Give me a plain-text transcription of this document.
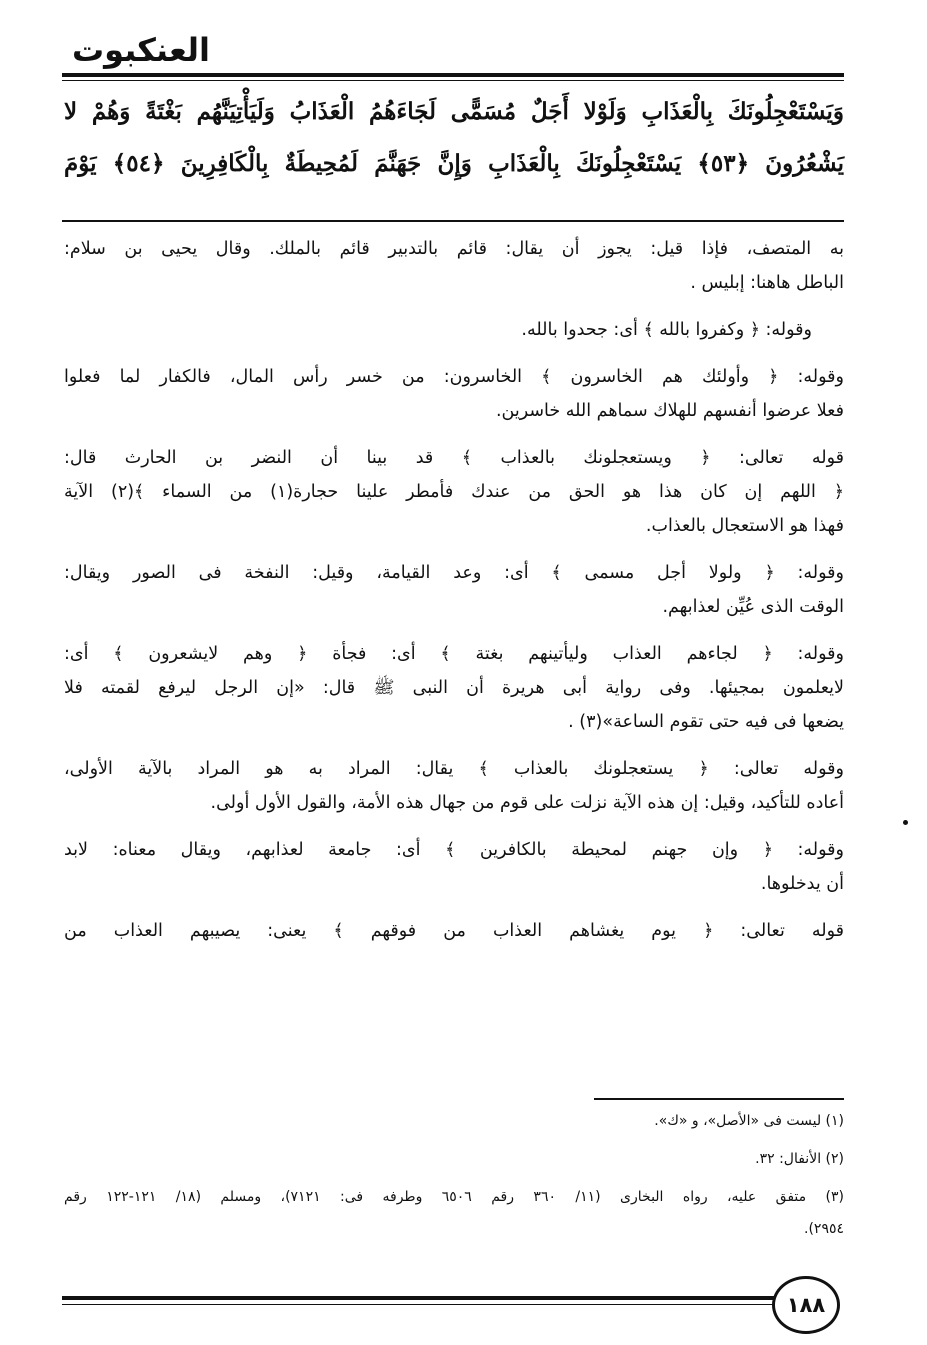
العنكبوت
وَيَسْتَعْجِلُونَكَ بِالْعَذَابِ وَلَوْلا أَجَلٌ مُسَمًّى لَجَاءَهُمُ الْعَذَابُ وَلَيَأْتِيَنَّهُم بَغْتَةً وَهُمْ لا
يَشْعُرُونَ ﴿٥٣﴾ يَسْتَعْجِلُونَكَ بِالْعَذَابِ وَإِنَّ جَهَنَّمَ لَمُحِيطَةٌ بِالْكَافِرِينَ ﴿٥٤﴾ يَوْمَ
به المتصف، فإذا قيل: يجوز أن يقال: قائم بالتدبير قائم بالملك. وقال يحيى بن سلام:
الباطل هاهنا: إبليس .
وقوله: ﴿ وكفروا بالله ﴾ أى: جحدوا بالله.
وقوله: ﴿ وأولئك هم الخاسرون ﴾ الخاسرون: من خسر رأس المال، فالكفار لما فعلوا
فعلا عرضوا أنفسهم للهلاك سماهم الله خاسرين.
قوله تعالى: ﴿ ويستعجلونك بالعذاب ﴾ قد بينا أن النضر بن الحارث قال:
﴿ اللهم إن كان هذا هو الحق من عندك فأمطر علينا حجارة(١) من السماء ﴾(٢) الآية
فهذا هو الاستعجال بالعذاب.
وقوله: ﴿ ولولا أجل مسمى ﴾ أى: وعد القيامة، وقيل: النفخة فى الصور ويقال:
الوقت الذى عُيِّن لعذابهم.
وقوله: ﴿ لجاءهم العذاب وليأتينهم بغتة ﴾ أى: فجأة ﴿ وهم لايشعرون ﴾ أى:
لايعلمون بمجيئها. وفى رواية أبى هريرة أن النبى ﷺ قال: «إن الرجل ليرفع لقمته فلا
يضعها فى فيه حتى تقوم الساعة»(٣) .
وقوله تعالى: ﴿ يستعجلونك بالعذاب ﴾ يقال: المراد به هو المراد بالآية الأولى،
أعاده للتأكيد، وقيل: إن هذه الآية نزلت على قوم من جهال هذه الأمة، والقول الأول أولى.
وقوله: ﴿ وإن جهنم لمحيطة بالكافرين ﴾ أى: جامعة لعذابهم، ويقال معناه: لابد
أن يدخلوها.
قوله تعالى: ﴿ يوم يغشاهم العذاب من فوقهم ﴾ يعنى: يصيبهم العذاب من
(١) ليست فى «الأصل»، و «ك».
(٢) الأنفال: ٣٢.
(٣) متفق عليه، رواه البخارى (١١/ ٣٦٠ رقم ٦٥٠٦ وطرفه فى: ٧١٢١)، ومسلم (١٨/ ١٢١-١٢٢ رقم
٢٩٥٤).
١٨٨
